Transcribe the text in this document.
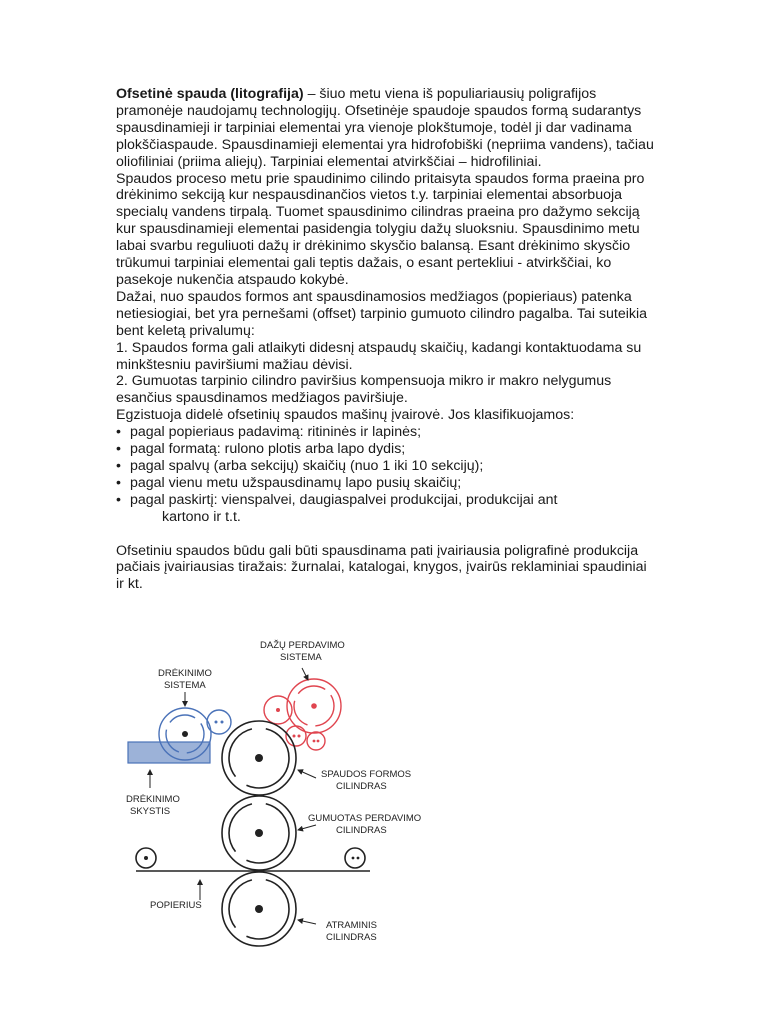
Ofsetinė spauda (litografija) – šiuo metu viena iš populiariausių poligrafijos pramonėje naudojamų technologijų. Ofsetinėje spaudoje spaudos formą sudarantys spausdinamieji ir tarpiniai elementai yra vienoje plokštumoje, todėl ji dar vadinama plokščiaspaude. Spausdinamieji elementai yra hidrofobiški (nepriima vandens), tačiau oliofiliniai (priima aliejų). Tarpiniai elementai atvirkščiai – hidrofiliniai.

Spaudos proceso metu prie spaudinimo cilindo pritaisyta spaudos forma praeina pro drėkinimo sekciją kur nespausdinančios vietos t.y. tarpiniai elementai absorbuoja specialų vandens tirpalą. Tuomet spausdinimo cilindras praeina pro dažymo sekciją kur spausdinamieji elementai pasidengia tolygiu dažų sluoksniu. Spausdinimo metu labai svarbu reguliuoti dažų ir drėkinimo skysčio balansą. Esant drėkinimo skysčio trūkumui tarpiniai elementai gali teptis dažais, o esant pertekliui - atvirkščiai, ko pasekoje nukenčia atspaudo kokybė.

Dažai, nuo spaudos formos ant spausdinamosios medžiagos (popieriaus) patenka netiesiogiai, bet yra pernešami (offset) tarpinio gumuoto cilindro pagalba. Tai suteikia bent keletą privalumų:

1. Spaudos forma gali atlaikyti didesnį atspaudų skaičių, kadangi kontaktuodama su minkštesniu paviršiumi mažiau dėvisi.

2. Gumuotas tarpinio cilindro paviršius kompensuoja mikro ir makro nelygumus esančius spausdinamos medžiagos paviršiuje.

Egzistuoja didelė ofsetinių spaudos mašinų įvairovė. Jos klasifikuojamos:

• pagal popieriaus padavimą: ritininės ir lapinės;
• pagal formatą: rulono plotis arba lapo dydis;
• pagal spalvų (arba sekcijų) skaičių (nuo 1 iki 10 sekcijų);
• pagal vienu metu užspausdinamų lapo pusių skaičių;
• pagal paskirtį: vienspalvei, daugiaspalvei produkcijai, produkcijai ant

kartono ir t.t.

Ofsetiniu spaudos būdu gali būti spausdinama pati įvairiausia poligrafinė produkcija pačiais įvairiausias tiražais: žurnalai, katalogai, knygos, įvairūs reklaminiai spaudiniai ir kt.

DAŽŲ PERDAVIMO
SISTEMA
DRĖKINIMO
SISTEMA
SPAUDOS FORMOS
CILINDRAS
DRĖKINIMO
SKYSTIS
GUMUOTAS PERDAVIMO
CILINDRAS
POPIERIUS
ATRAMINIS
CILINDRAS
